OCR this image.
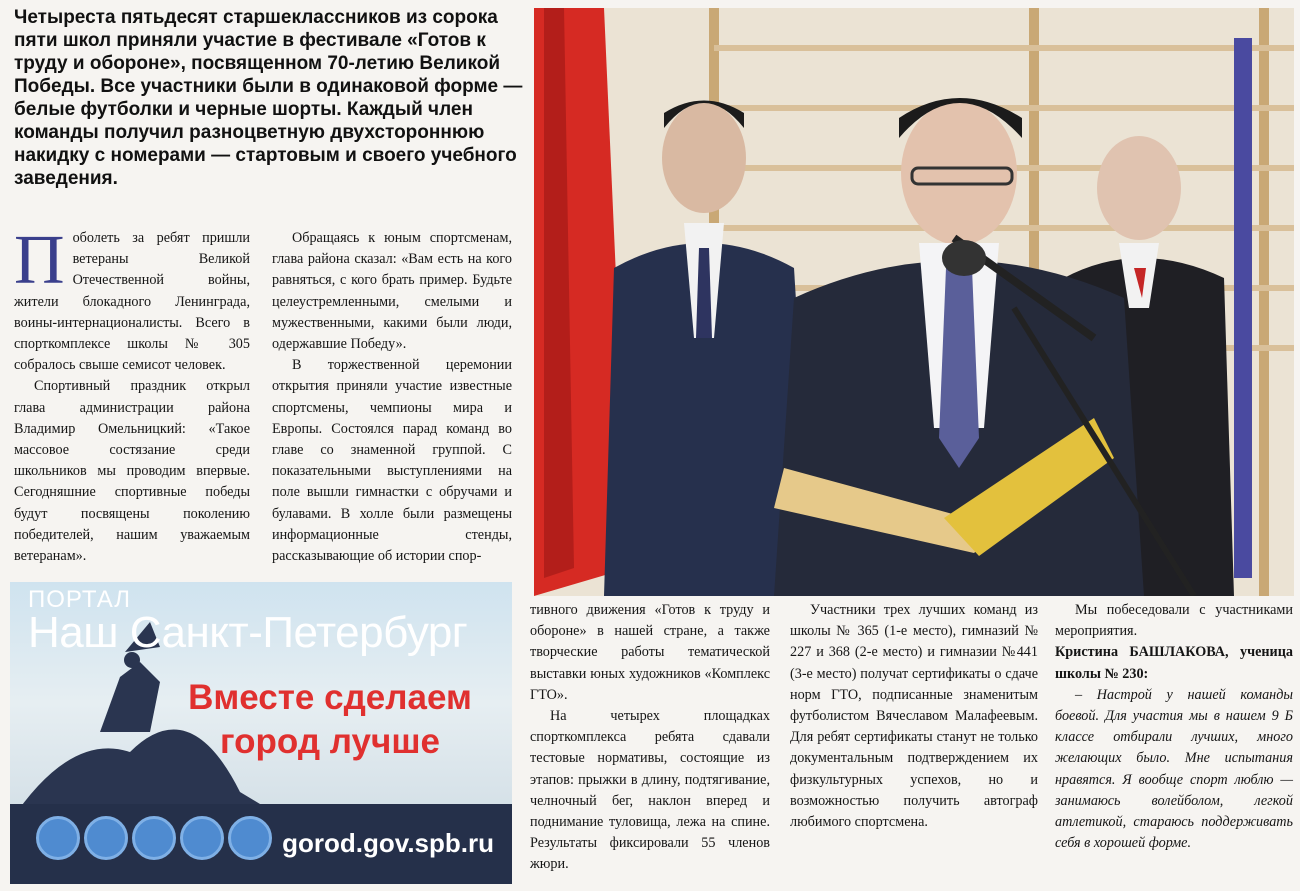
Четыреста пятьдесят старшеклассников из сорока пяти школ приняли участие в фестивале «Готов к труду и обороне», посвященном 70-летию Великой Победы. Все участники были в одинаковой форме — белые футболки и черные шорты. Каждый член команды получил разноцветную двухстороннюю накидку с номерами — стартовым и своего учебного заведения.

Поболеть за ребят пришли ветераны Великой Отечественной войны, жители блокадного Ленинграда, воины-интернационалисты. Всего в спорткомплексе школы № 305 собралось свыше семисот человек.

Спортивный праздник открыл глава администрации района Владимир Омельницкий: «Такое массовое состязание среди школьников мы проводим впервые. Сегодняшние спортивные победы будут посвящены поколению победителей, нашим уважаемым ветеранам».

Обращаясь к юным спортсменам, глава района сказал: «Вам есть на кого равняться, с кого брать пример. Будьте целеустремленными, смелыми и мужественными, какими были люди, одержавшие Победу».

В торжественной церемонии открытия приняли участие известные спортсмены, чемпионы мира и Европы. Состоялся парад команд во главе со знаменной группой. С показательными выступлениями на поле вышли гимнастки с обручами и булавами. В холле были размещены информационные стенды, рассказывающие об истории спор-

ПОРТАЛ
Наш Санкт-Петербург
Вместе сделаем
город лучше
gorod.gov.spb.ru

тивного движения «Готов к труду и обороне» в нашей стране, а также творческие работы тематической выставки юных художников «Комплекс ГТО».

На четырех площадках спорткомплекса ребята сдавали тестовые нормативы, состоящие из этапов: прыжки в длину, подтягивание, челночный бег, наклон вперед и поднимание туловища, лежа на спине. Результаты фиксировали 55 членов жюри.

Участники трех лучших команд из школы № 365 (1-е место), гимназий № 227 и 368 (2-е место) и гимназии №441 (3-е место) получат сертификаты о сдаче норм ГТО, подписанные знаменитым футболистом Вячеславом Малафеевым. Для ребят сертификаты станут не только документальным подтверждением их физкультурных успехов, но и возможностью получить автограф любимого спортсмена.

Мы побеседовали с участниками мероприятия.

Кристина БАШЛАКОВА, ученица школы № 230:

– Настрой у нашей команды боевой. Для участия мы в нашем 9 Б классе отбирали лучших, много желающих было. Мне испытания нравятся. Я вообще спорт люблю — занимаюсь волейболом, легкой атлетикой, стараюсь поддерживать себя в хорошей форме.
